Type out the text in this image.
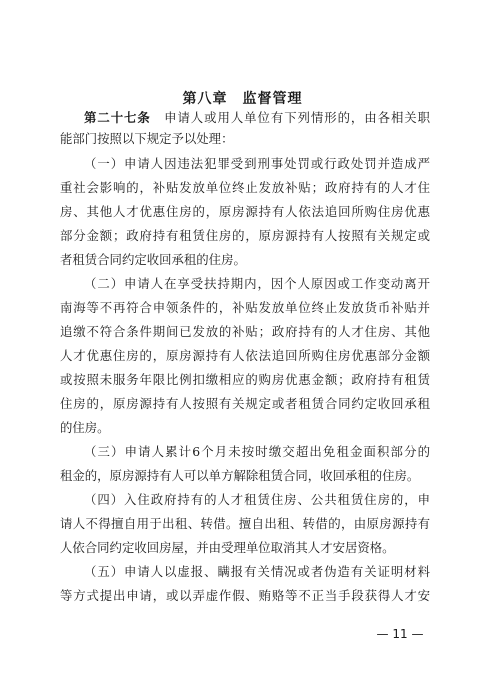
第八章　监督管理
第二十七条　 申请人或用人单位有下列情形的，由各相关职
能部门按照以下规定予以处理：
（一）申请人因违法犯罪受到刑事处罚或行政处罚并造成严
重社会影响的，补贴发放单位终止发放补贴；政府持有的人才住
房、其他人才优惠住房的，原房源持有人依法追回所购住房优惠
部分金额；政府持有租赁住房的，原房源持有人按照有关规定或
者租赁合同约定收回承租的住房。
（二）申请人在享受扶持期内，因个人原因或工作变动离开
南海等不再符合申领条件的，补贴发放单位终止发放货币补贴并
追缴不符合条件期间已发放的补贴；政府持有的人才住房、其他
人才优惠住房的，原房源持有人依法追回所购住房优惠部分金额
或按照未服务年限比例扣缴相应的购房优惠金额；政府持有租赁
住房的，原房源持有人按照有关规定或者租赁合同约定收回承租
的住房。
（三）申请人累计6个月未按时缴交超出免租金面积部分的
租金的，原房源持有人可以单方解除租赁合同，收回承租的住房。
（四）入住政府持有的人才租赁住房、公共租赁住房的，申
请人不得擅自用于出租、转借。擅自出租、转借的，由原房源持有
人依合同约定收回房屋，并由受理单位取消其人才安居资格。
（五）申请人以虚报、瞒报有关情况或者伪造有关证明材料
等方式提出申请，或以弄虚作假、贿赂等不正当手段获得人才安
— 11 —
